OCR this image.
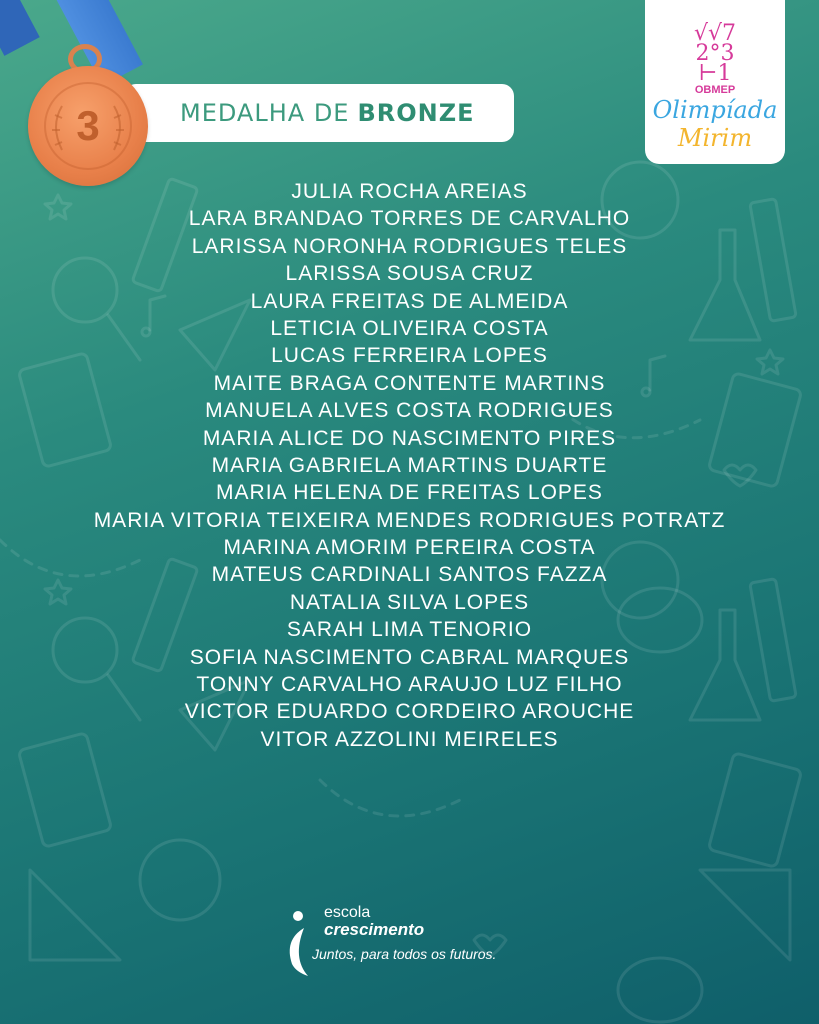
MEDALHA DE BRONZE
3
√√7
2°3
⊢1
OBMEP
Olimpíada
Mirim
JULIA ROCHA AREIAS
LARA BRANDAO TORRES DE CARVALHO
LARISSA NORONHA RODRIGUES TELES
LARISSA SOUSA CRUZ
LAURA FREITAS DE ALMEIDA
LETICIA OLIVEIRA COSTA
LUCAS FERREIRA LOPES
MAITE BRAGA CONTENTE MARTINS
MANUELA ALVES COSTA RODRIGUES
MARIA ALICE DO NASCIMENTO PIRES
MARIA GABRIELA MARTINS DUARTE
MARIA HELENA DE FREITAS LOPES
MARIA VITORIA TEIXEIRA MENDES RODRIGUES POTRATZ
MARINA AMORIM PEREIRA COSTA
MATEUS CARDINALI SANTOS FAZZA
NATALIA SILVA LOPES
SARAH LIMA TENORIO
SOFIA NASCIMENTO CABRAL MARQUES
TONNY CARVALHO ARAUJO LUZ FILHO
VICTOR EDUARDO CORDEIRO AROUCHE
VITOR AZZOLINI MEIRELES
escola
crescimento
Juntos, para todos os futuros.
